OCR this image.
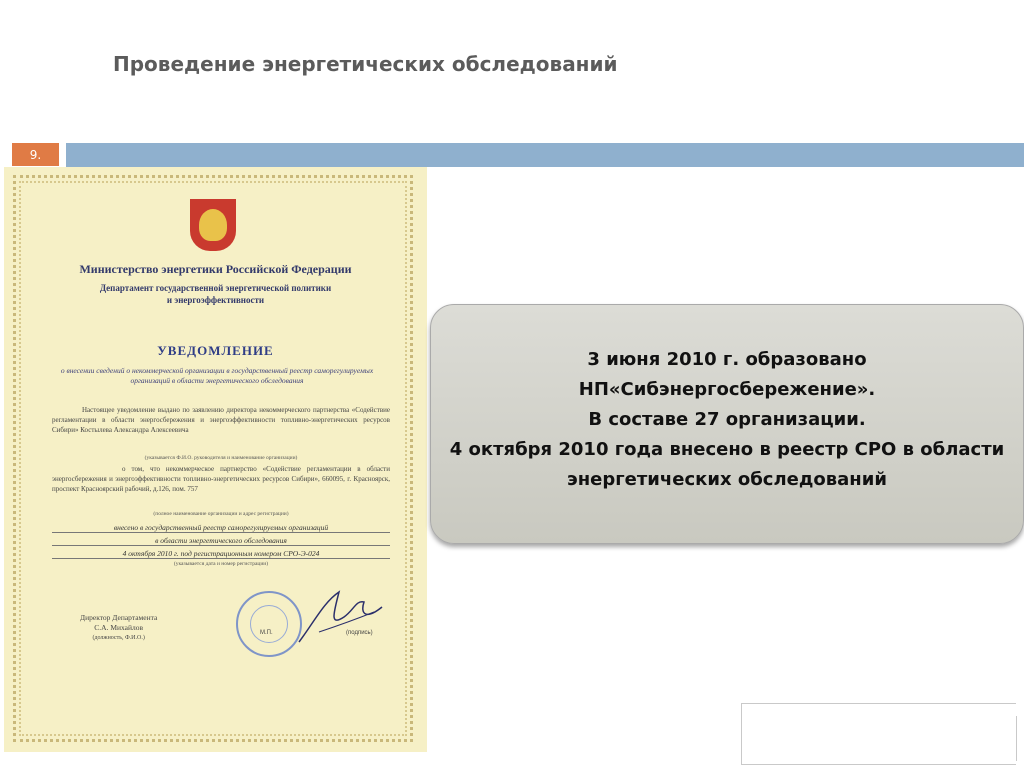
Проведение энергетических обследований
9.
Министерство энергетики Российской Федерации
Департамент государственной энергетической политики
и энергоэффективности
УВЕДОМЛЕНИЕ
о внесении сведений о некоммерческой организации в государственный реестр саморегулируемых организаций в области энергетического обследования
Настоящее уведомление выдано по заявлению директора некоммерческого партнерства «Содействие регламентации в области энергосбережения и энергоэффективности топливно-энергетических ресурсов Сибири» Костылева Александра Алексеевича
(указывается Ф.И.О. руководителя и наименование организации)
о том, что некоммерческое партнерство «Содействие регламентации в области энергосбережения и энергоэффективности топливно-энергетических ресурсов Сибири», 660095, г. Красноярск, проспект Красноярский рабочий, д.126, пом. 757
(полное наименование организации и адрес регистрации)
внесено в государственный реестр саморегулируемых организаций
в области энергетического обследования
4 октября 2010 г. под регистрационным номером СРО-Э-024
(указывается дата и номер регистрации)
Директор Департамента
С.А. Михайлов
(должность, Ф.И.О.)
М.П.	(подпись)
3 июня 2010 г. образовано
НП«Сибэнергосбережение».
В составе 27 организации.
4 октября 2010 года внесено в реестр СРО в области
энергетических обследований
